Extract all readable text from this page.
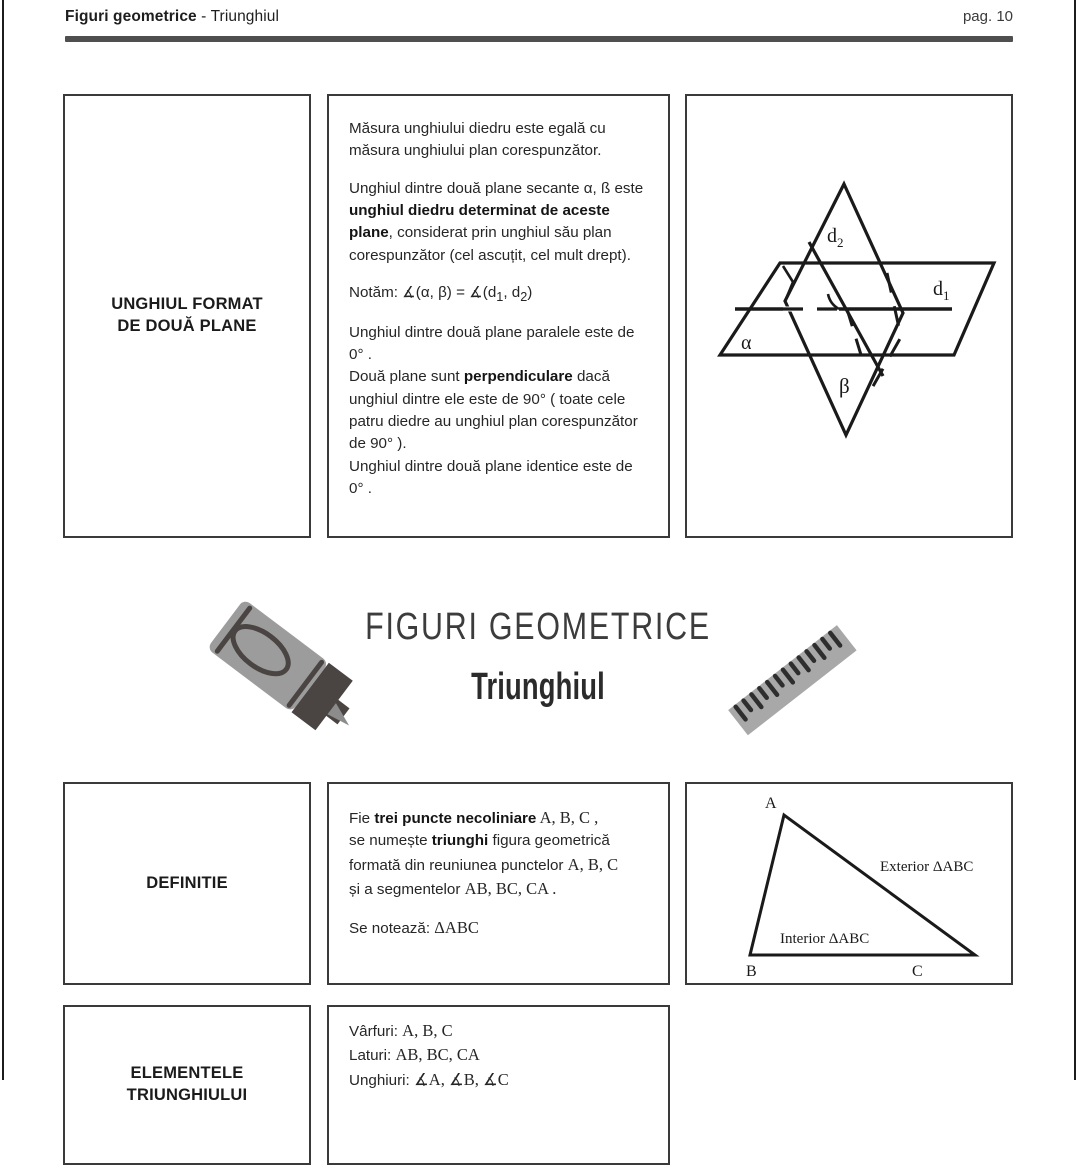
Figuri geometrice - Triunghiul	pag. 10
UNGHIUL FORMAT
DE DOUĂ PLANE

Măsura unghiului diedru este egală cu măsura unghiului plan corespunzător.

Unghiul dintre două plane secante α, ß este unghiul diedru determinat de aceste plane, considerat prin unghiul său plan corespunzător (cel ascuțit, cel mult drept).

Notăm: ∡(α, $\beta) = ∡(d_1$, $d_2$)

Unghiul dintre două plane paralele este de 0° .
Două plane sunt perpendiculare dacă unghiul dintre ele este de 90° ( toate cele patru diedre au unghiul plan corespunzător de 90° ).
Unghiul dintre două plane identice este de 0° .

$d_2$
$d_1$
α
β
FIGURI GEOMETRICE
Triunghiul
DEFINITIE

Fie trei puncte necoliniare A, B, C ,
se numește triunghi figura geometrică
formată din reuniunea punctelor A, B, C
și a segmentelor AB, BC, CA .

Se notează: ΔABC

A
B	C
Exterior ΔABC
Interior ΔABC
ELEMENTELE
TRIUNGHIULUI

Vârfuri: A, B, C

Laturi: AB, BC, CA

Unghiuri: ∡A, ∡B, ∡C
